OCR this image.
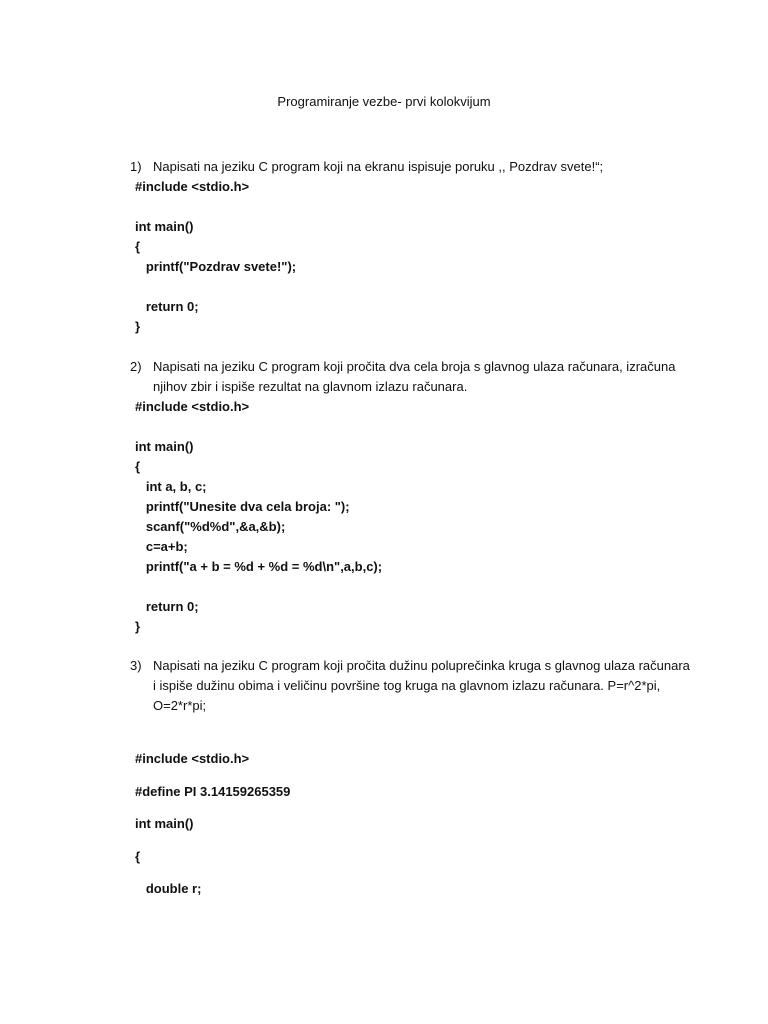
Programiranje vezbe- prvi kolokvijum
1) Napisati na jeziku C program koji na ekranu ispisuje poruku ,, Pozdrav svete!“;
#include <stdio.h>

int main()
{
printf("Pozdrav svete!");

return 0;
}
2) Napisati na jeziku C program koji pročita dva cela broja s glavnog ulaza računara, izračuna
njihov zbir i ispiše rezultat na glavnom izlazu računara.
#include <stdio.h>

int main()
{
int a, b, c;
printf("Unesite dva cela broja: ");
scanf("%d%d",&a,&b);
c=a+b;
printf("a + b = %d + %d = %d\n",a,b,c);

return 0;
}
3) Napisati na jeziku C program koji pročita dužinu poluprečinka kruga s glavnog ulaza računara
i ispiše dužinu obima i veličinu površine tog kruga na glavnom izlazu računara. P=r^2*pi,
O=2*r*pi;
#include <stdio.h>
#define PI 3.14159265359
int main()
{
double r;
